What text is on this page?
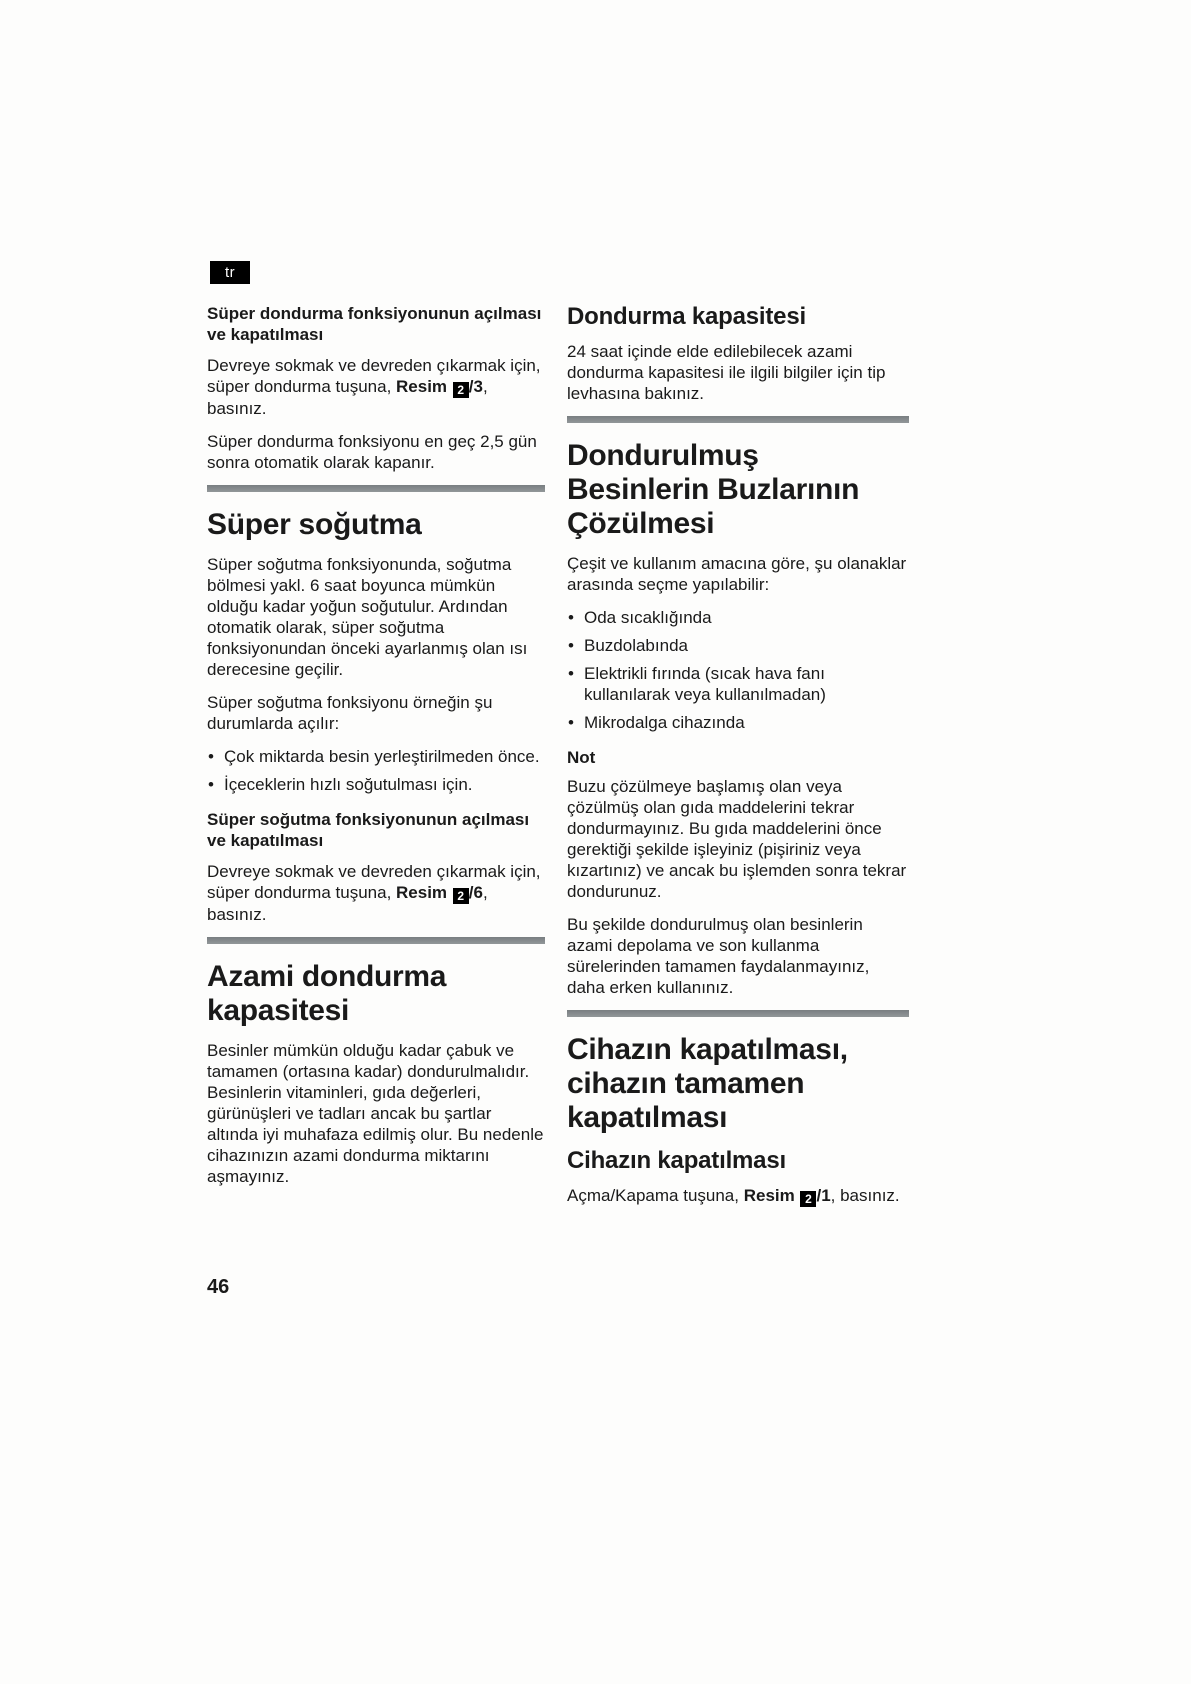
tr
Süper dondurma fonksiyonunun açılması ve kapatılması

Devreye sokmak ve devreden çıkarmak için, süper dondurma tuşuna, Resim 2 /3, basınız.

Süper dondurma fonksiyonu en geç 2,5 gün sonra otomatik olarak kapanır.

Süper soğutma

Süper soğutma fonksiyonunda, soğutma bölmesi yakl. 6 saat boyunca mümkün olduğu kadar yoğun soğutulur. Ardından otomatik olarak, süper soğutma fonksiyonundan önceki ayarlanmış olan ısı derecesine geçilir.

Süper soğutma fonksiyonu örneğin şu durumlarda açılır:

• Çok miktarda besin yerleştirilmeden önce.
• İçeceklerin hızlı soğutulması için.
Süper soğutma fonksiyonunun açılması ve kapatılması

Devreye sokmak ve devreden çıkarmak için, süper dondurma tuşuna, Resim 2 /6, basınız.

Azami dondurma
kapasitesi

Besinler mümkün olduğu kadar çabuk ve tamamen (ortasına kadar) dondurulmalıdır. Besinlerin vitaminleri, gıda değerleri, gürünüşleri ve tadları ancak bu şartlar altında iyi muhafaza edilmiş olur. Bu nedenle cihazınızın azami dondurma miktarını aşmayınız.

Dondurma kapasitesi

24 saat içinde elde edilebilecek azami dondurma kapasitesi ile ilgili bilgiler için tip levhasına bakınız.

Dondurulmuş
Besinlerin Buzlarının
Çözülmesi

Çeşit ve kullanım amacına göre, şu olanaklar arasında seçme yapılabilir:

• Oda sıcaklığında
• Buzdolabında
• Elektrikli fırında (sıcak hava fanı kullanılarak veya kullanılmadan)
• Mikrodalga cihazında
Not

Buzu çözülmeye başlamış olan veya çözülmüş olan gıda maddelerini tekrar dondurmayınız. Bu gıda maddelerini önce gerektiği şekilde işleyiniz (pişiriniz veya kızartınız) ve ancak bu işlemden sonra tekrar dondurunuz.

Bu şekilde dondurulmuş olan besinlerin azami depolama ve son kullanma sürelerinden tamamen faydalanmayınız, daha erken kullanınız.

Cihazın kapatılması,
cihazın tamamen
kapatılması
Cihazın kapatılması

Açma/Kapama tuşuna, Resim 2 /1, basınız.

46
